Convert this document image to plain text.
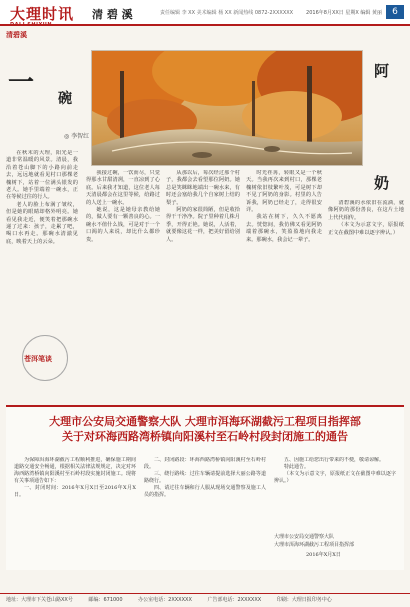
大理时讯
DALI SHIXUN
清 碧 溪	责任编辑 李 XX 美术编辑 杨 XX 新闻热线 0872-2XXXXXX	2016年8月XX日 星期X 编辑 黄丽	6
清碧溪
一
碗
阿
奶
◎ 李智红

在秋末的大理，阳光是一道非常温暖的风景。清晨，我沿着苍山脚下的小路向前走去，远远地就看见村口那棵老槐树下，站着一位满头银发的老人。她手里端着一碗水，正在等候过往的行人。

老人的脸上布满了皱纹，但是她的眼睛却格外明亮。她看见我走近，便笑着把那碗水递了过来：孩子，走累了吧，喝口水再走。那碗水清澈见底，映着天上的云朵。

我接过碗，一饮而尽，只觉得那水甘甜清冽，一直凉到了心底。后来我才知道，这位老人每天清晨都会在这里等候，给路过的人送上一碗水。

她说，这是她母亲教给她的，做人要有一颗善良的心。一碗水不值什么钱，可是对于一个口渴的人来说，却比什么都珍贵。

从那以后，每次经过那个村子，我都会去看望那位阿奶。她总是笑眯眯地端出一碗水来，有时还会塞给我几个自家树上结的梨子。

阿奶的家很简陋，但是收拾得干干净净。院子里种着几株月季，开得正艳。她说，人活着，就要像这花一样，把美好留给别人。

时光荏苒，转眼又是一个秋天。当我再次来到村口，那棵老槐树依旧枝繁叶茂，可是树下却不见了阿奶的身影。村里的人告诉我，阿奶已经走了，走得很安详。

我站在树下，久久不愿离去。恍惚间，我仿佛又看见阿奶端着那碗水，笑盈盈地向我走来。那碗水，我会记一辈子。

清碧溪的水依旧在流淌，就像阿奶的那份善良，在这片土地上代代相传。

（本文为示意文字，原报纸正文在截图中难以逐字辨认。）

苍洱笔谈
大理市公安局交通警察大队 大理市洱海环湖截污工程项目指挥部
关于对环海西路湾桥镇向阳溪村至石岭村段封闭施工的通告

为保障洱海环湖截污工程顺利推进，确保施工期间道路交通安全畅通，根据相关法律法规规定，决定对环海西路湾桥镇向阳溪村至石岭村段实施封闭施工。现将有关事项通告如下：

一、封闭时间：2016年X月X日至2016年X月X日。

二、封闭路段：环海西路湾桥镇向阳溪村至石岭村段。

三、绕行路线：过往车辆请提前选择大丽公路等道路绕行。

四、请过往车辆和行人服从现场交通警察及施工人员的指挥。

五、因施工给您出行带来的不便，敬请谅解。

特此通告。

（本文为示意文字，原报纸正文在截图中难以逐字辨认。）

大理市公安局交通警察大队
大理市洱海环湖截污工程项目指挥部
2016年X月X日
地址：大理市下关苍山路XX号	邮编：671000	办公室电话：2XXXXXX	广告部电话：2XXXXXX	印刷：大理日报印务中心
